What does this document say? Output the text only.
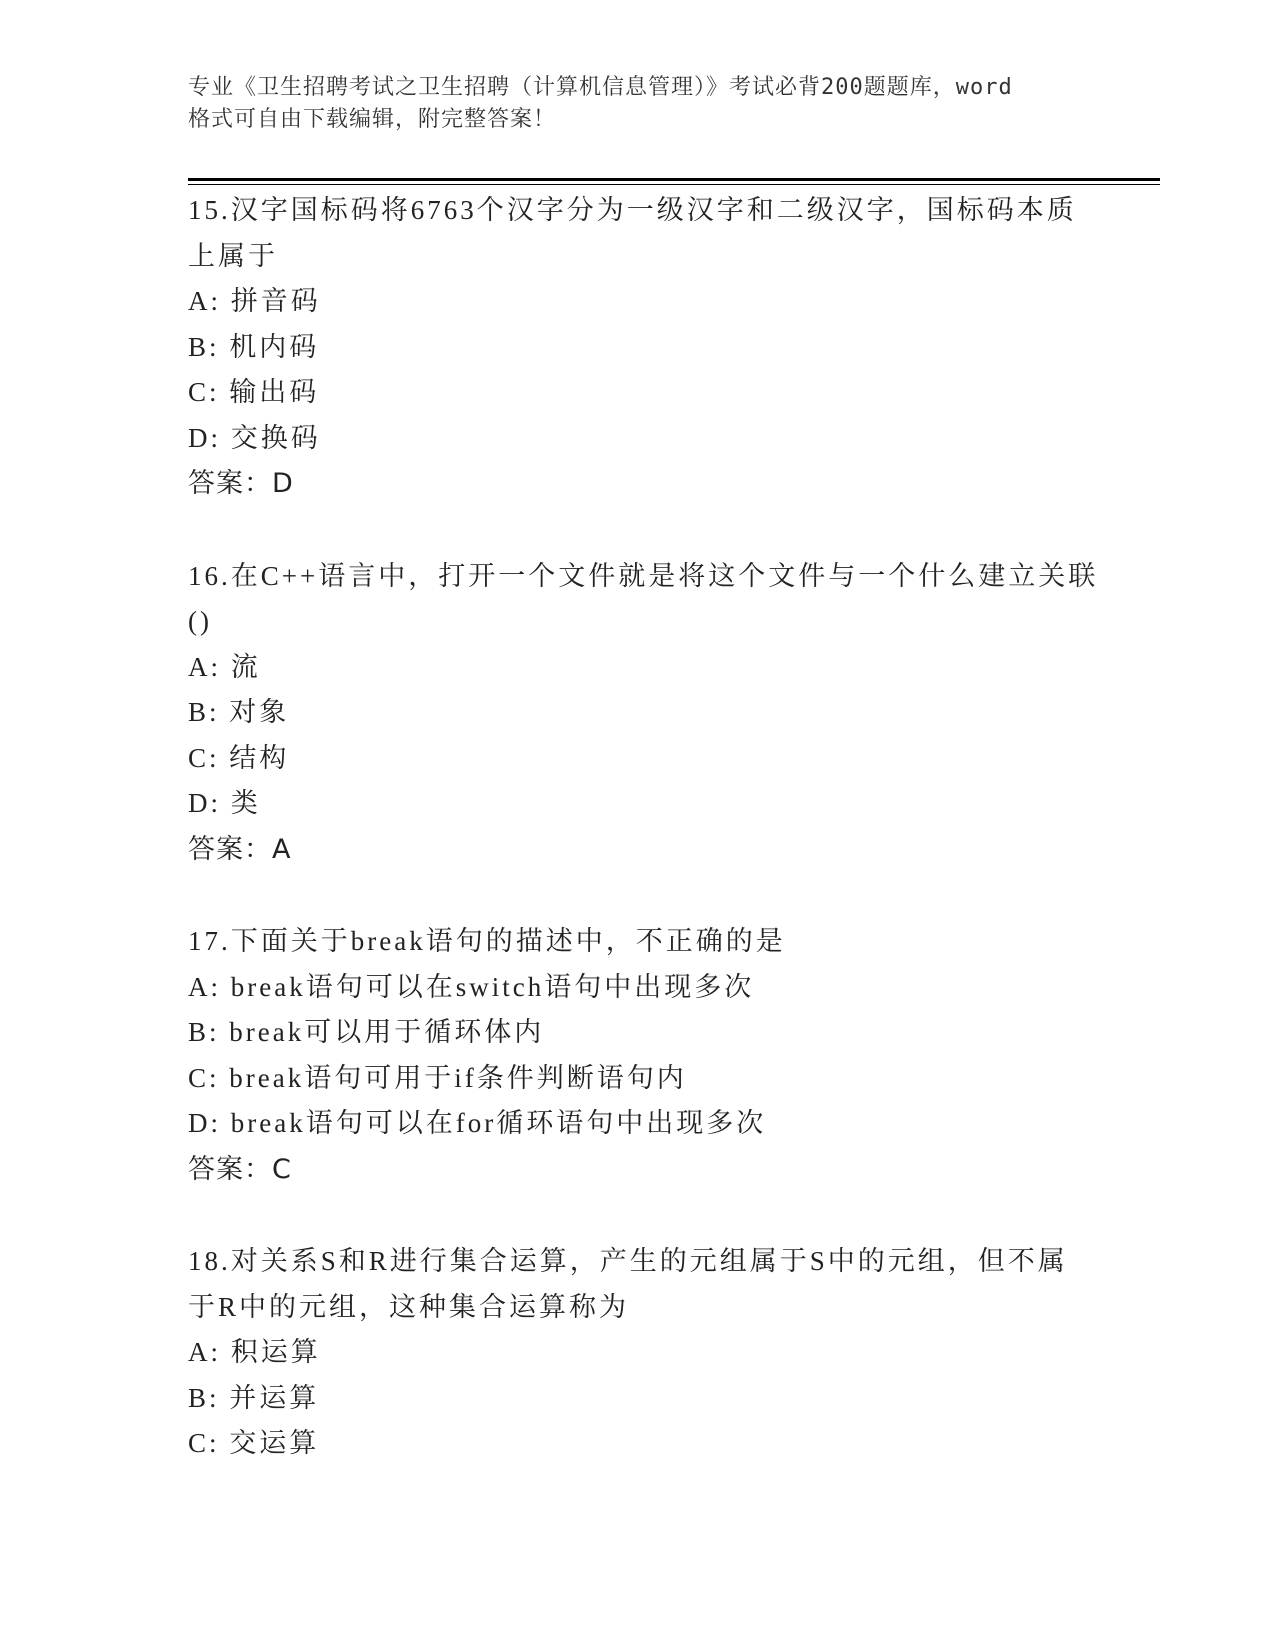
专业《卫生招聘考试之卫生招聘（计算机信息管理）》考试必背200题题库，word
格式可自由下载编辑，附完整答案！
15.汉字国标码将6763个汉字分为一级汉字和二级汉字，国标码本质
上属于
A: 拼音码
B: 机内码
C: 输出码
D: 交换码
答案：D
16.在C++语言中，打开一个文件就是将这个文件与一个什么建立关联
()
A: 流
B: 对象
C: 结构
D: 类
答案：A
17.下面关于break语句的描述中，不正确的是
A: break语句可以在switch语句中出现多次
B: break可以用于循环体内
C: break语句可用于if条件判断语句内
D: break语句可以在for循环语句中出现多次
答案：C
18.对关系S和R进行集合运算，产生的元组属于S中的元组，但不属
于R中的元组，这种集合运算称为
A: 积运算
B: 并运算
C: 交运算
